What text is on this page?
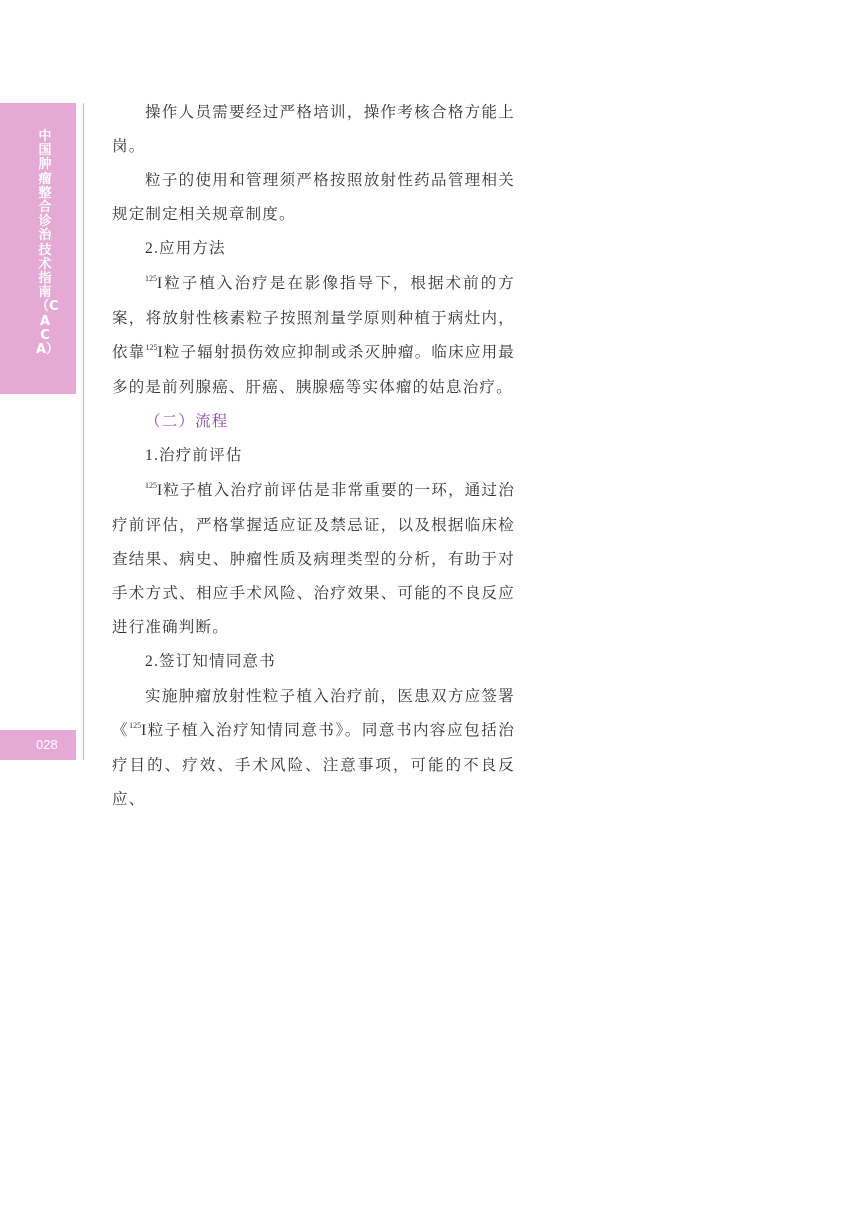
中国肿瘤整合诊治技术指南（CACA）
028

操作人员需要经过严格培训，操作考核合格方能上岗。

粒子的使用和管理须严格按照放射性药品管理相关规定制定相关规章制度。

2.应用方法

$^{125}$I粒子植入治疗是在影像指导下，根据术前的方案，将放射性核素粒子按照剂量学原则种植于病灶内，依靠$^{125}$I粒子辐射损伤效应抑制或杀灭肿瘤。临床应用最多的是前列腺癌、肝癌、胰腺癌等实体瘤的姑息治疗。

（二）流程

1.治疗前评估

$^{125}$I粒子植入治疗前评估是非常重要的一环，通过治疗前评估，严格掌握适应证及禁忌证，以及根据临床检查结果、病史、肿瘤性质及病理类型的分析，有助于对手术方式、相应手术风险、治疗效果、可能的不良反应进行准确判断。

2.签订知情同意书

实施肿瘤放射性粒子植入治疗前，医患双方应签署《$^{125}$I粒子植入治疗知情同意书》。同意书内容应包括治疗目的、疗效、手术风险、注意事项，可能的不良反应、
